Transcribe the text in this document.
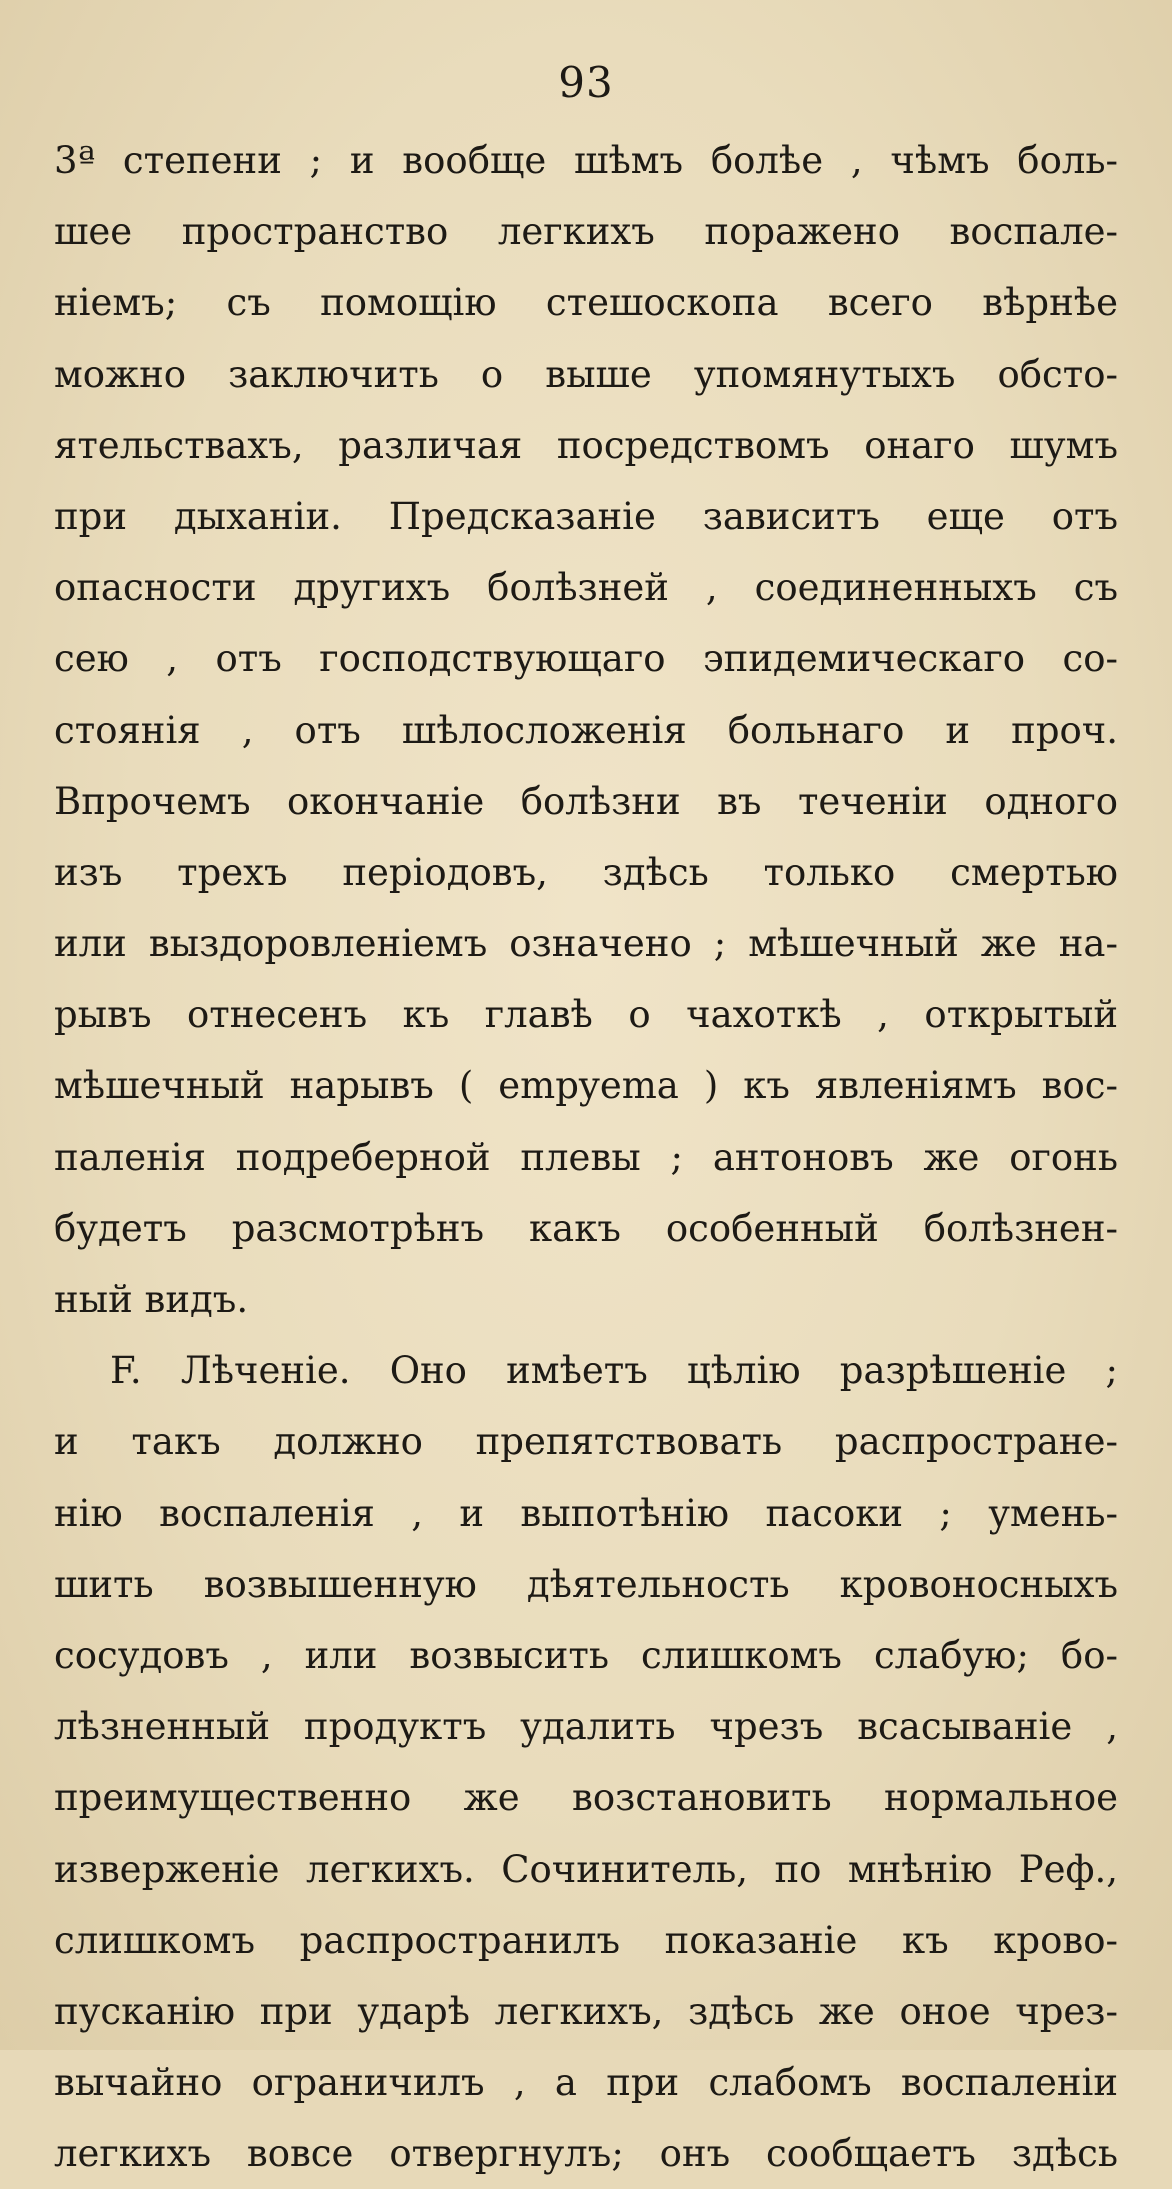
93
3ª степени ; и вообще шѣмъ болѣе , чѣмъ боль-
шее пространство легкихъ поражено воспале-
ніемъ; съ помощію стешоскопа всего вѣрнѣе
можно заключить о выше упомянутыхъ обсто-
ятельствахъ, различая посредствомъ онаго шумъ
при дыханіи. Предсказаніе зависитъ еще отъ
опасности другихъ болѣзней , соединенныхъ съ
сею , отъ господствующаго эпидемическаго со-
стоянія , отъ шѣлосложенія больнаго и проч.
Впрочемъ окончаніе болѣзни въ теченіи одного
изъ трехъ періодовъ, здѣсь только смертью
или выздоровленіемъ означено ; мѣшечный же на-
рывъ отнесенъ къ главѣ о чахоткѣ , открытый
мѣшечный нарывъ ( empyema ) къ явленіямъ вос-
паленія подреберной плевы ; антоновъ же огонь
будетъ разсмотрѣнъ какъ особенный болѣзнен-
ный видъ.
F. Лѣченіе. Оно имѣетъ цѣлію разрѣшеніе ;
и такъ должно препятствовать распростране-
нію воспаленія , и выпотѣнію пасоки ; умень-
шить возвышенную дѣятельность кровоносныхъ
сосудовъ , или возвысить слишкомъ слабую; бо-
лѣзненный продуктъ удалить чрезъ всасываніе ,
преимущественно же возстановить нормальное
изверженіе легкихъ. Сочинитель, по мнѣнію Реф.,
слишкомъ распространилъ показаніе къ крово-
пусканію при ударѣ легкихъ, здѣсь же оное чрез-
вычайно ограничилъ , а при слабомъ воспаленіи
легкихъ вовсе отвергнулъ; онъ сообщаетъ здѣсь
